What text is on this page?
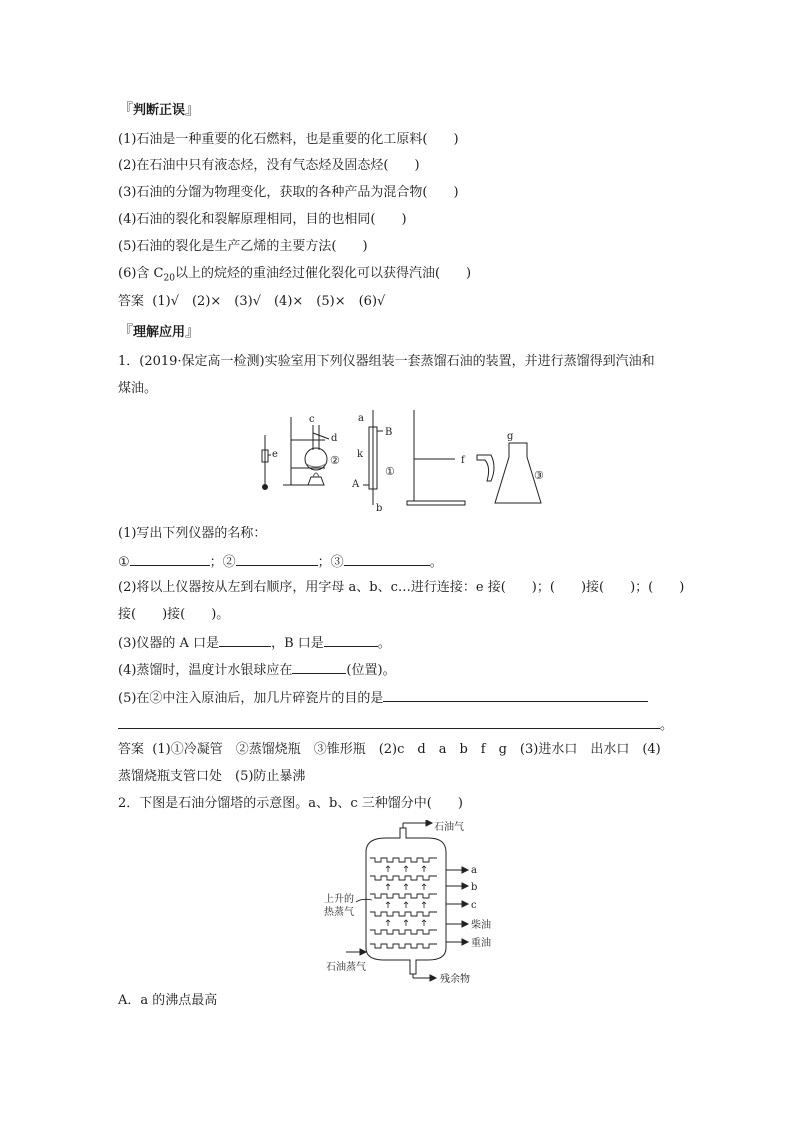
『判断正误』
(1)石油是一种重要的化石燃料，也是重要的化工原料(　　)
(2)在石油中只有液态烃，没有气态烃及固态烃(　　)
(3)石油的分馏为物理变化，获取的各种产品为混合物(　　)
(4)石油的裂化和裂解原理相同，目的也相同(　　)
(5)石油的裂化是生产乙烯的主要方法(　　)
(6)含 $C_{20}$以上的烷烃的重油经过催化裂化可以获得汽油(　　)
答案 (1)√　(2)×　(3)√　(4)×　(5)×　(6)√
『理解应用』
1．(2019·保定高一检测)实验室用下列仪器组装一套蒸馏石油的装置，并进行蒸馏得到汽油和
煤油。
e
c
d
②
a
B
k
A
①
b
f
g
③
(1)写出下列仪器的名称：
①	；②	；③	。
(2)将以上仪器按从左到右顺序，用字母 a、b、c…进行连接：e 接(　　)；(　　)接(　　)；(　　)
接(　　)接(　　)。
(3)仪器的 A 口是	，B 口是	。
(4)蒸馏时，温度计水银球应在	(位置)。
(5)在②中注入原油后，加几片碎瓷片的目的是
。
答案 (1)①冷凝管　②蒸馏烧瓶　③锥形瓶　(2)c　d　a　b　f　g　(3)进水口　出水口　(4)
蒸馏烧瓶支管口处　(5)防止暴沸
2．下图是石油分馏塔的示意图。a、b、c 三种馏分中(　　)
石油气
a
b
c
柴油
重油
上升的
热蒸气
石油蒸气
残余物
A．a 的沸点最高
